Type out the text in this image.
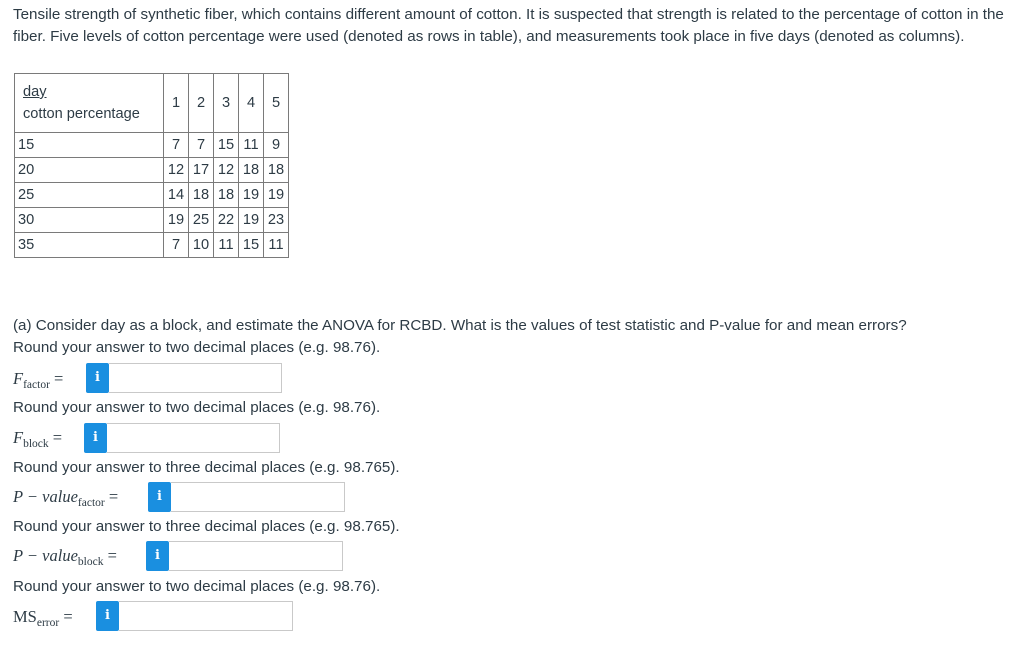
Tensile strength of synthetic fiber, which contains different amount of cotton. It is suspected that strength is related to the percentage of cotton in the fiber. Five levels of cotton percentage were used (denoted as rows in table), and measurements took place in five days (denoted as columns).
day
cotton percentage	1	2	3	4	5
15	7	7	15	11	9
20	12	17	12	18	18
25	14	18	18	19	19
30	19	25	22	19	23
35	7	10	11	15	11
(a) Consider day as a block, and estimate the ANOVA for RCBD. What is the values of test statistic and P-value for and mean errors?
Round your answer to two decimal places (e.g. 98.76).
$F_{factor}$ =	i
Round your answer to two decimal places (e.g. 98.76).
$F_{block}$ =	i
Round your answer to three decimal places (e.g. 98.765).
P − value$_{factor}$ =	i
Round your answer to three decimal places (e.g. 98.765).
P − value$_{block}$ =	i
Round your answer to two decimal places (e.g. 98.76).
$MS_{error}$ =	i
